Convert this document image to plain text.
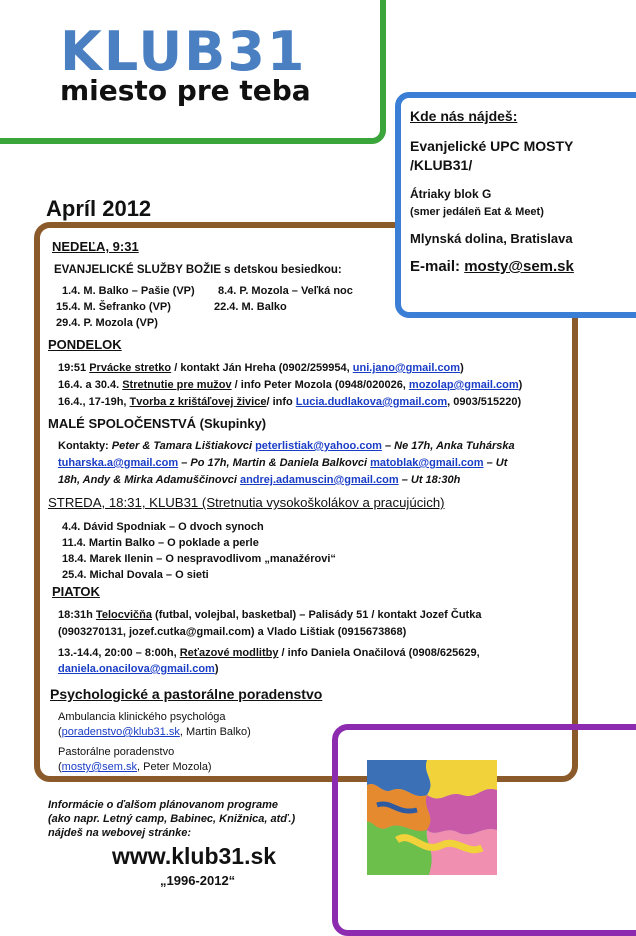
KLUB31
miesto pre teba
Kde nás nájdeš:
Evanjelické UPC MOSTY
/KLUB31/
Átriaky blok G
(smer jedáleň Eat & Meet)
Mlynská dolina, Bratislava
E-mail: mosty@sem.sk
Apríl 2012
NEDEĽA, 9:31
EVANJELICKÉ SLUŽBY BOŽIE s detskou besiedkou:
1.4. M. Balko – Pašie (VP) 8.4. P. Mozola – Veľká noc
15.4. M. Šefranko (VP)	22.4. M. Balko
29.4. P. Mozola (VP)
PONDELOK
19:51 Prvácke stretko / kontakt Ján Hreha (0902/259954, uni.jano@gmail.com)
16.4. a 30.4. Stretnutie pre mužov / info Peter Mozola (0948/020026, mozolap@gmail.com)
16.4., 17-19h, Tvorba z krištáľovej živice/ info Lucia.dudlakova@gmail.com, 0903/515220)
MALÉ SPOLOČENSTVÁ (Skupinky)
Kontakty: Peter & Tamara Lištiakovci peterlistiak@yahoo.com – Ne 17h, Anka Tuhárska
tuharska.a@gmail.com – Po 17h, Martin & Daniela Balkovci matoblak@gmail.com – Ut
18h, Andy & Mirka Adamuščinovci andrej.adamuscin@gmail.com – Ut 18:30h
STREDA, 18:31, KLUB31 (Stretnutia vysokoškolákov a pracujúcich)
4.4. Dávid Spodniak – O dvoch synoch
11.4. Martin Balko – O poklade a perle
18.4. Marek Ilenin – O nespravodlivom „manažérovi“
25.4. Michal Dovala – O sieti
PIATOK
18:31h Telocvičňa (futbal, volejbal, basketbal) – Palisády 51 / kontakt Jozef Čutka
(0903270131, jozef.cutka@gmail.com) a Vlado Lištiak (0915673868)
13.-14.4, 20:00 – 8:00h, Reťazové modlitby / info Daniela Onačilová (0908/625629,
daniela.onacilova@gmail.com)
Psychologické a pastorálne poradenstvo
Ambulancia klinického psychológa
(poradenstvo@klub31.sk, Martin Balko)
Pastorálne poradenstvo
(mosty@sem.sk, Peter Mozola)
Informácie o ďalšom plánovanom programe
(ako napr. Letný camp, Babinec, Knižnica, atď.)
nájdeš na webovej stránke:
www.klub31.sk
„1996-2012“
